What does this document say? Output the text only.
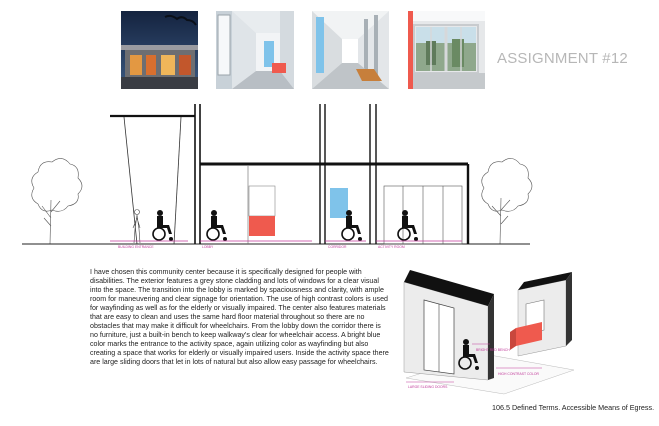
ASSIGNMENT #12
BUILDING ENTRANCE	LOBBY	CORRIDOR	ACTIVITY ROOM

I have chosen this community center because it is specifically designed for people with disabilities. The exterior features a grey stone cladding and lots of windows for a clear visual into the space. The transition into the lobby is marked by spaciousness and clarity, with ample room for maneuvering and clear signage for orientation. The use of high contrast colors is used for wayfinding as well as for the elderly or visually impaired. The center also features materials that are easy to clean and uses the same hard floor material throughout so there are no obstacles that may make it difficult for wheelchairs. From the lobby down the corridor there is no furniture, just a built-in bench to keep walkway's clear for wheelchair access. A bright blue color marks the entrance to the activity space, again utilizing color as wayfinding but also creating a space that works for elderly or visually impaired users. Inside the activity space there are large sliding doors that let in lots of natural but also allow easy passage for wheelchairs.

BRIGHT RED BENCH
HIGH CONTRAST COLOR
LARGE SLIDING DOORS
106.5 Defined Terms. Accessible Means of Egress.
